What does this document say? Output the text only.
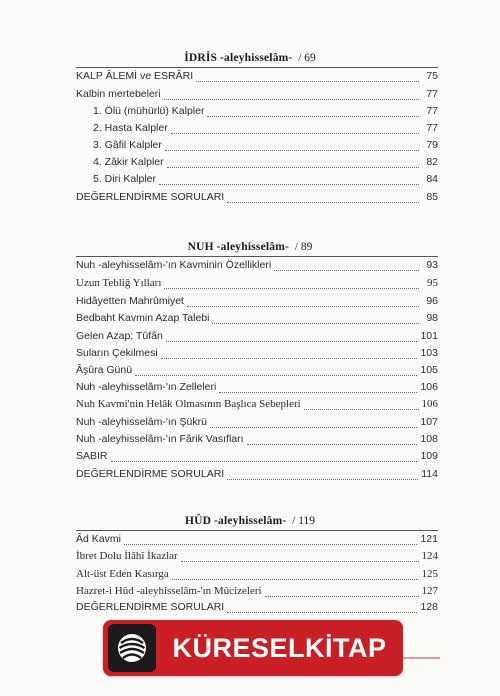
İDRİS -aleyhisselâm- / 69
KALP ÂLEMİ ve ESRÂRI	75
Kalbin mertebeleri	77
1. Ölü (mühürlü) Kalpler	77
2. Hasta Kalpler	77
3. Gâfil Kalpler	79
4. Zâkir Kalpler	82
5. Diri Kalpler	84
DEĞERLENDİRME SORULARI	85
NUH -aleyhisselâm- / 89
Nuh -aleyhisselâm-'ın Kavminin Özellikleri	93
Uzun Tebliğ Yılları	95
Hidâyetten Mahrûmiyet	96
Bedbaht Kavmin Azap Talebi	98
Gelen Azap; Tûfân	101
Suların Çekilmesi	103
Âşûra Günü	105
Nuh -aleyhisselâm-'ın Zelleleri	106
Nuh Kavmi'nin Helâk Olmasının Başlıca Sebepleri	106
Nuh -aleyhisselâm-'ın Şükrü	107
Nuh -aleyhisselâm-'ın Fârik Vasıfları	108
SABIR	109
DEĞERLENDİRME SORULARI	114
HÛD -aleyhisselâm- / 119
Âd Kavmi	121
İbret Dolu İlâhî İkazlar	124
Alt-üst Eden Kasırga	125
Hazret-i Hûd -aleyhisselâm-'ın Mûcizeleri	127
DEĞERLENDİRME SORULARI	128
KÜRESELKİTAP
